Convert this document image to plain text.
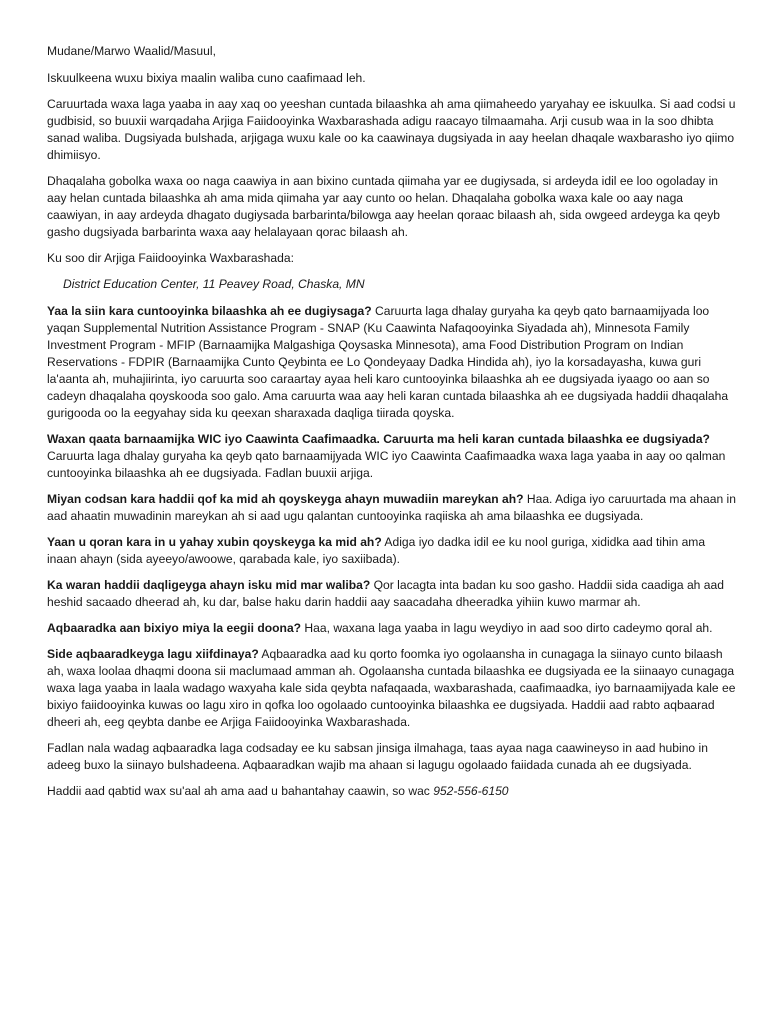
Mudane/Marwo Waalid/Masuul,

Iskuulkeena wuxu bixiya maalin waliba cuno caafimaad leh.

Caruurtada waxa laga yaaba in aay xaq oo yeeshan cuntada bilaashka ah ama qiimaheedo yaryahay ee iskuulka. Si aad codsi u gudbisid, so buuxii warqadaha Arjiga Faiidooyinka Waxbarashada adigu raacayo tilmaamaha. Arji cusub waa in la soo dhibta sanad waliba. Dugsiyada bulshada, arjigaga wuxu kale oo ka caawinaya dugsiyada in aay heelan dhaqale waxbarasho iyo qiimo dhimiisyo.

Dhaqalaha gobolka waxa oo naga caawiya in aan bixino cuntada qiimaha yar ee dugiysada, si ardeyda idil ee loo ogoladay in aay helan cuntada bilaashka ah ama mida qiimaha yar aay cunto oo helan. Dhaqalaha gobolka waxa kale oo aay naga caawiyan, in aay ardeyda dhagato dugiysada barbarinta/bilowga aay heelan qoraac bilaash ah, sida owgeed ardeyga ka qeyb gasho dugsiyada barbarinta waxa aay helalayaan qorac bilaash ah.

Ku soo dir Arjiga Faiidooyinka Waxbarashada:

District Education Center, 11 Peavey Road, Chaska, MN

Yaa la siin kara cuntooyinka bilaashka ah ee dugiysaga? Caruurta laga dhalay guryaha ka qeyb qato barnaamijyada loo yaqan Supplemental Nutrition Assistance Program - SNAP (Ku Caawinta Nafaqooyinka Siyadada ah), Minnesota Family Investment Program - MFIP (Barnaamijka Malgashiga Qoysaska Minnesota), ama Food Distribution Program on Indian Reservations - FDPIR (Barnaamijka Cunto Qeybinta ee Lo Qondeyaay Dadka Hindida ah), iyo la korsadayasha, kuwa guri la'aanta ah, muhajiirinta, iyo caruurta soo caraartay ayaa heli karo cuntooyinka bilaashka ah ee dugsiyada iyaago oo aan so cadeyn dhaqalaha qoyskooda soo galo. Ama caruurta waa aay heli karan cuntada bilaashka ah ee dugsiyada haddii dhaqalaha gurigooda oo la eegyahay sida ku qeexan sharaxada daqliga tiirada qoyska.

Waxan qaata barnaamijka WIC iyo Caawinta Caafimaadka. Caruurta ma heli karan cuntada bilaashka ee dugsiyada? Caruurta laga dhalay guryaha ka qeyb qato barnaamijyada WIC iyo Caawinta Caafimaadka waxa laga yaaba in aay oo qalman cuntooyinka bilaashka ah ee dugsiyada. Fadlan buuxii arjiga.

Miyan codsan kara haddii qof ka mid ah qoyskeyga ahayn muwadiin mareykan ah? Haa. Adiga iyo caruurtada ma ahaan in aad ahaatin muwadinin mareykan ah si aad ugu qalantan cuntooyinka raqiiska ah ama bilaashka ee dugsiyada.

Yaan u qoran kara in u yahay xubin qoyskeyga ka mid ah? Adiga iyo dadka idil ee ku nool guriga, xididka aad tihin ama inaan ahayn (sida ayeeyo/awoowe, qarabada kale, iyo saxiibada).

Ka waran haddii daqligeyga ahayn isku mid mar waliba? Qor lacagta inta badan ku soo gasho. Haddii sida caadiga ah aad heshid sacaado dheerad ah, ku dar, balse haku darin haddii aay saacadaha dheeradka yihiin kuwo marmar ah.

Aqbaaradka aan bixiyo miya la eegii doona? Haa, waxana laga yaaba in lagu weydiyo in aad soo dirto cadeymo qoral ah.

Side aqbaaradkeyga lagu xiifdinaya? Aqbaaradka aad ku qorto foomka iyo ogolaansha in cunagaga la siinayo cunto bilaash ah, waxa loolaa dhaqmi doona sii maclumaad amman ah. Ogolaansha cuntada bilaashka ee dugsiyada ee la siinaayo cunagaga waxa laga yaaba in laala wadago waxyaha kale sida qeybta nafaqaada, waxbarashada, caafimaadka, iyo barnaamijyada kale ee bixiyo faiidooyinka kuwas oo lagu xiro in qofka loo ogolaado cuntooyinka bilaashka ee dugsiyada. Haddii aad rabto aqbaarad dheeri ah, eeg qeybta danbe ee Arjiga Faiidooyinka Waxbarashada.

Fadlan nala wadag aqbaaradka laga codsaday ee ku sabsan jinsiga ilmahaga, taas ayaa naga caawineyso in aad hubino in adeeg buxo la siinayo bulshadeena. Aqbaaradkan wajib ma ahaan si lagugu ogolaado faiidada cunada ah ee dugsiyada.

Haddii aad qabtid wax su'aal ah ama aad u bahantahay caawin, so wac 952-556-6150
